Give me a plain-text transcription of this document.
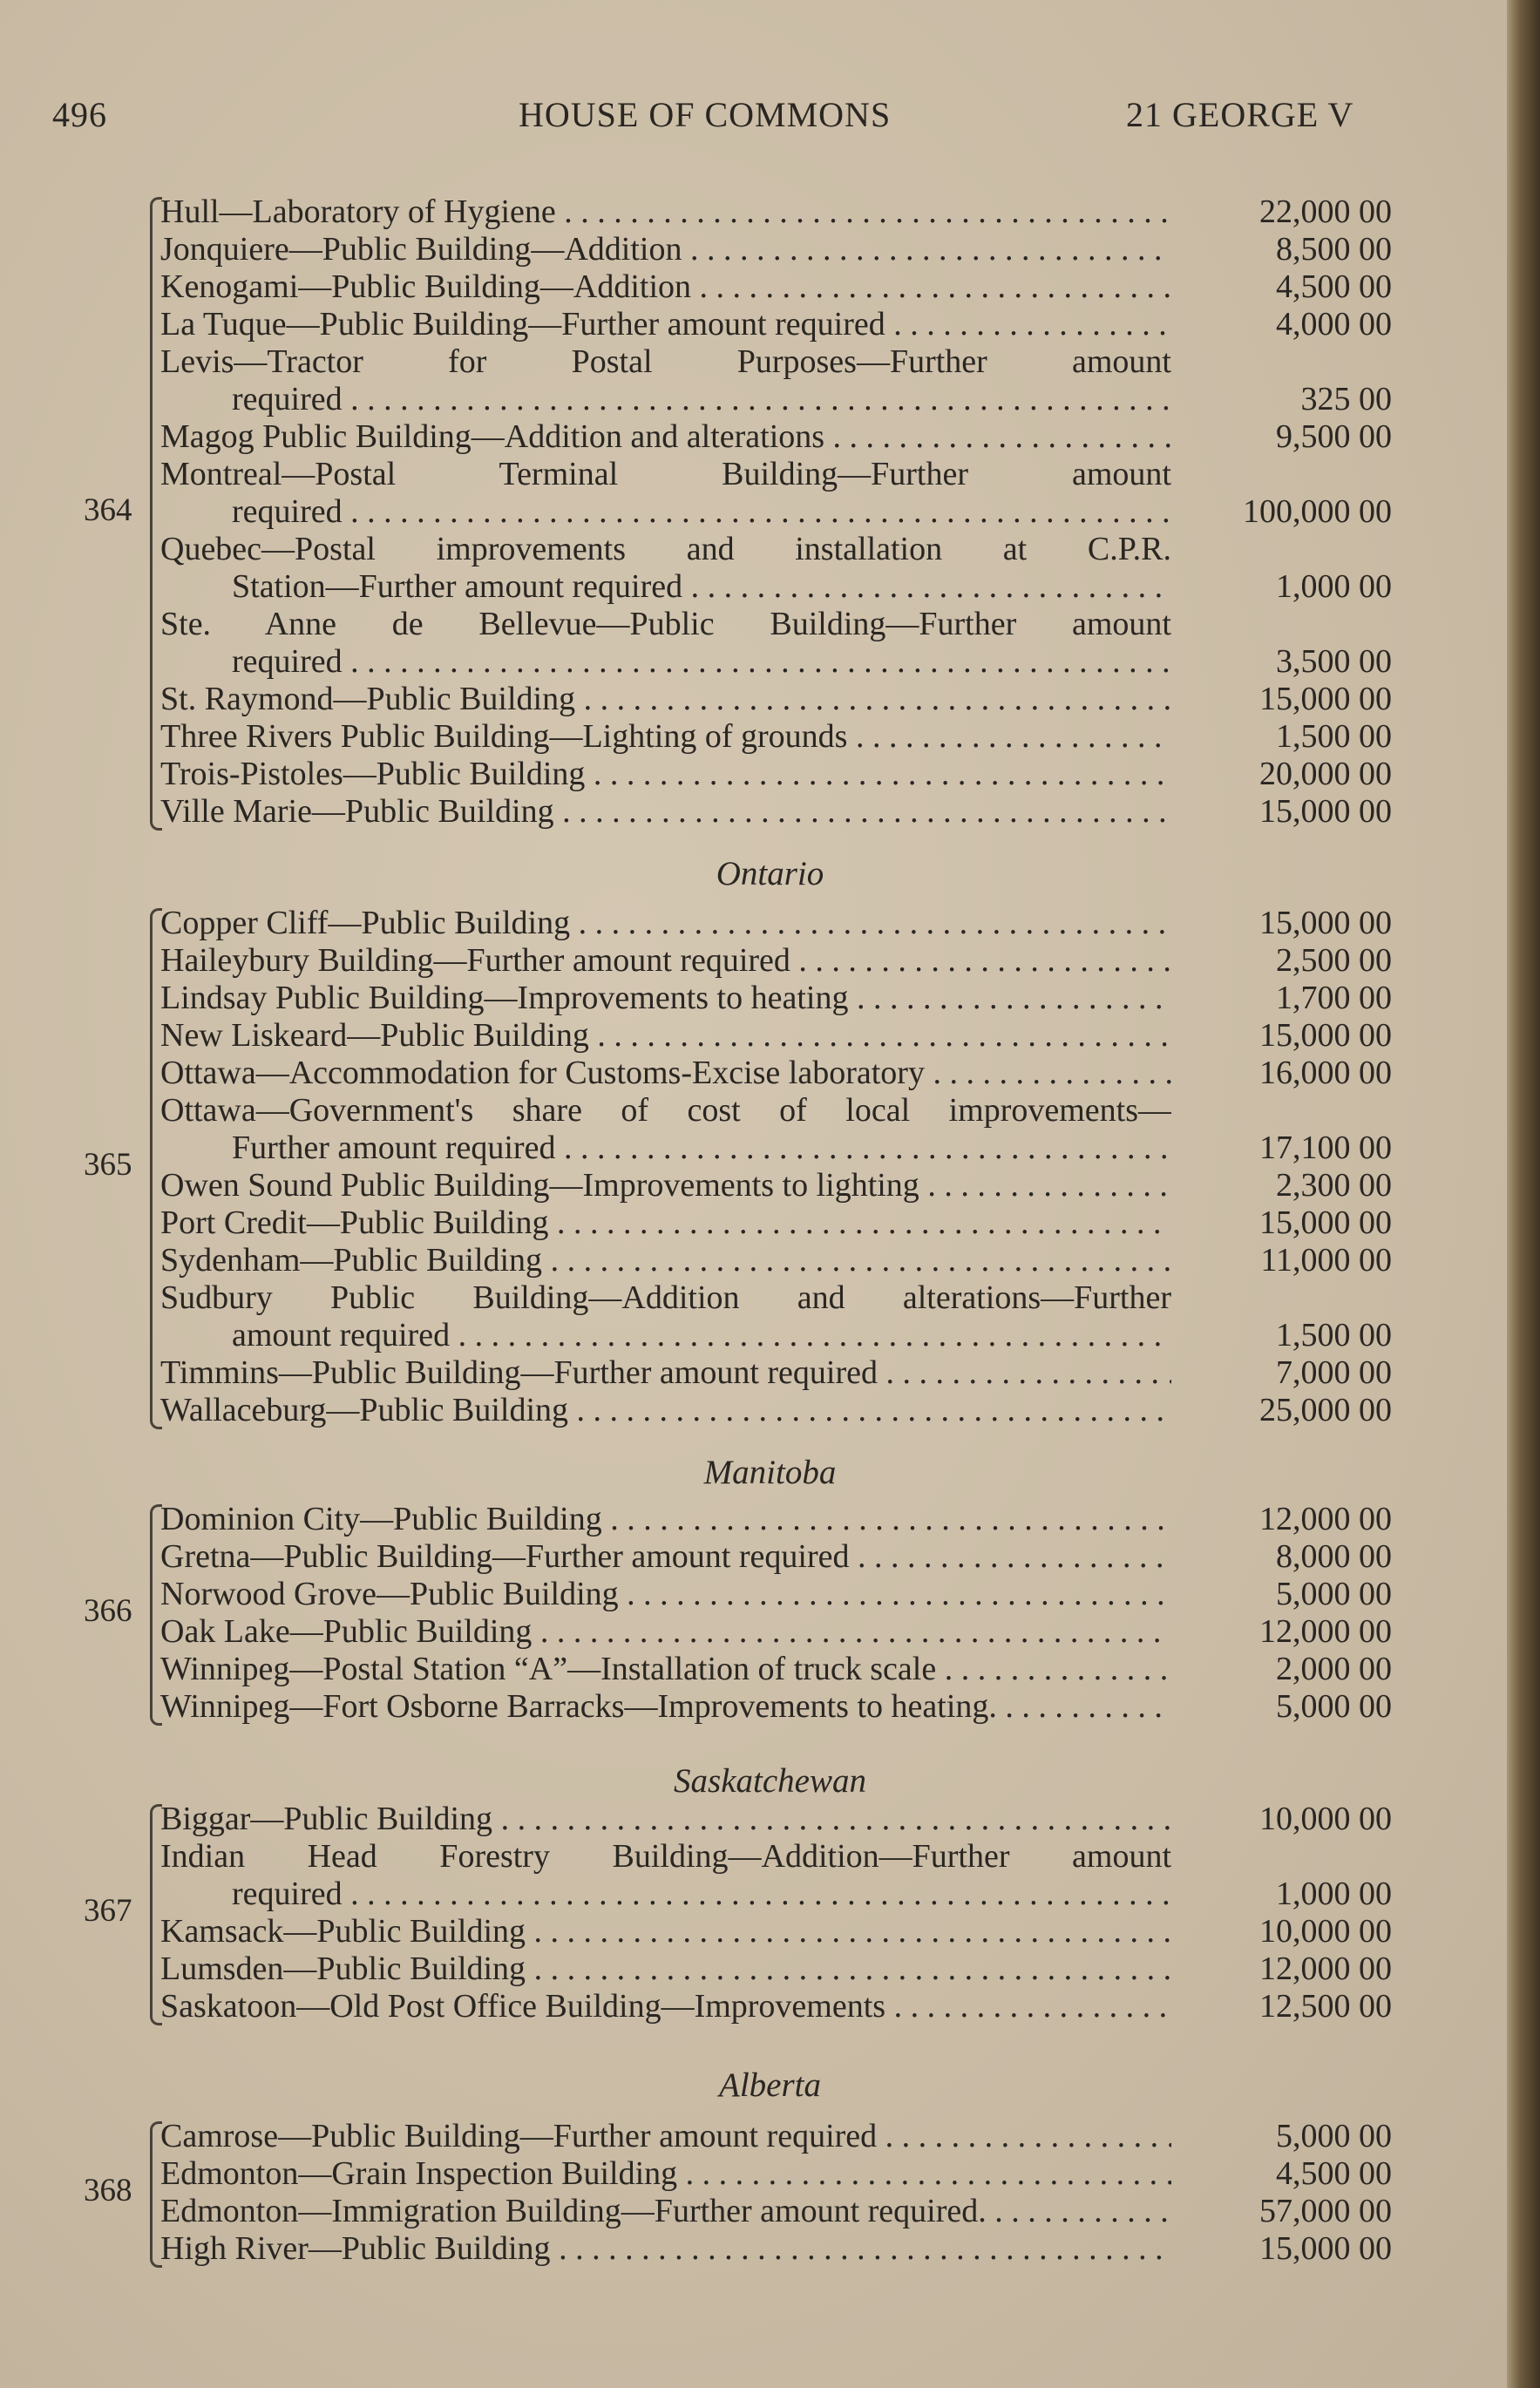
496	HOUSE OF COMMONS	21 GEORGE V
Hull—Laboratory of Hygiene . . .	22,000 00
Jonquiere—Public Building—Addition . . .	8,500 00
Kenogami—Public Building—Addition . . .	4,500 00
La Tuque—Public Building—Further amount required . . .	4,000 00
Levis—Tractor for Postal Purposes—Further amount
required . . .	325 00
Magog Public Building—Addition and alterations . . .	9,500 00
Montreal—Postal Terminal Building—Further amount
required . . .	100,000 00
Quebec—Postal improvements and installation at C.P.R.
Station—Further amount required . . .	1,000 00
Ste. Anne de Bellevue—Public Building—Further amount
required . . .	3,500 00
St. Raymond—Public Building . . .	15,000 00
Three Rivers Public Building—Lighting of grounds . . .	1,500 00
Trois-Pistoles—Public Building . . .	20,000 00
Ville Marie—Public Building . . .	15,000 00
364
Ontario
Copper Cliff—Public Building . . .	15,000 00
Haileybury Building—Further amount required . . .	2,500 00
Lindsay Public Building—Improvements to heating . . .	1,700 00
New Liskeard—Public Building . . .	15,000 00
Ottawa—Accommodation for Customs-Excise laboratory . . .	16,000 00
Ottawa—Government's share of cost of local improvements—
Further amount required . . .	17,100 00
Owen Sound Public Building—Improvements to lighting . . .	2,300 00
Port Credit—Public Building . . .	15,000 00
Sydenham—Public Building . . .	11,000 00
Sudbury Public Building—Addition and alterations—Further
amount required . . .	1,500 00
Timmins—Public Building—Further amount required . . .	7,000 00
Wallaceburg—Public Building . . .	25,000 00
365
Manitoba
Dominion City—Public Building . . .	12,000 00
Gretna—Public Building—Further amount required . . .	8,000 00
Norwood Grove—Public Building . . .	5,000 00
Oak Lake—Public Building . . .	12,000 00
Winnipeg—Postal Station “A”—Installation of truck scale . . .	2,000 00
Winnipeg—Fort Osborne Barracks—Improvements to heating. . . .	5,000 00
366
Saskatchewan
Biggar—Public Building . . .	10,000 00
Indian Head Forestry Building—Addition—Further amount
required . . .	1,000 00
Kamsack—Public Building . . .	10,000 00
Lumsden—Public Building . . .	12,000 00
Saskatoon—Old Post Office Building—Improvements . . .	12,500 00
367
Alberta
Camrose—Public Building—Further amount required . . .	5,000 00
Edmonton—Grain Inspection Building . . .	4,500 00
Edmonton—Immigration Building—Further amount required. . . .	57,000 00
High River—Public Building . . .	15,000 00
368
